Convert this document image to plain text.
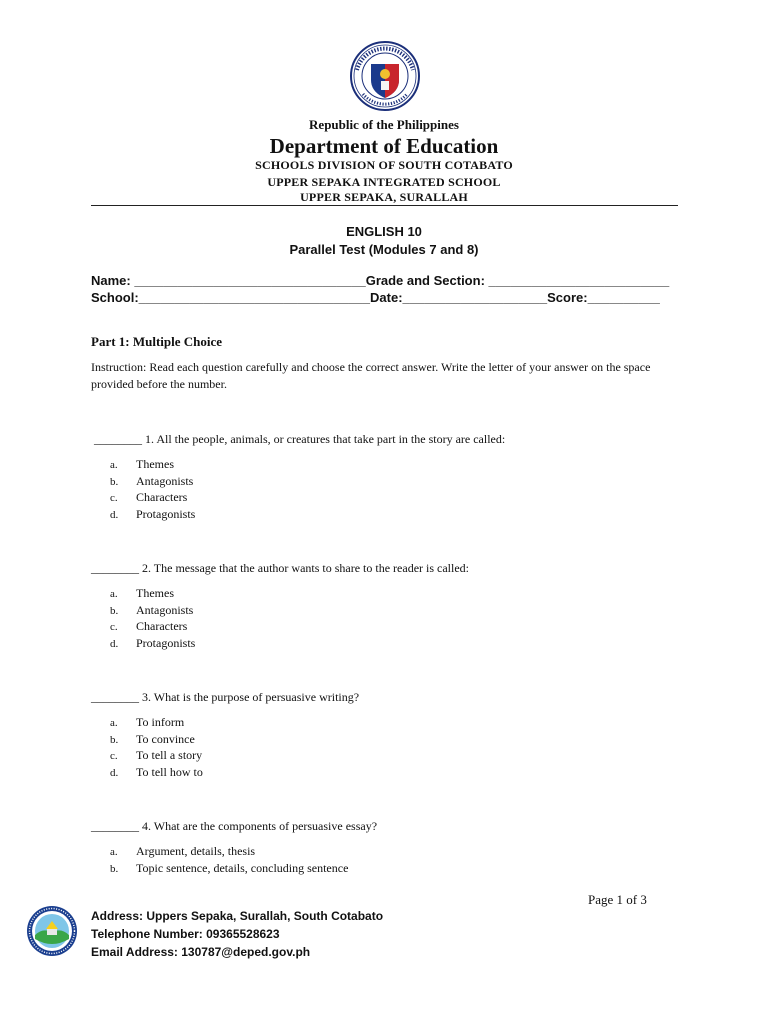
Republic of the Philippines
Department of Education
SCHOOLS DIVISION OF SOUTH COTABATO
UPPER SEPAKA INTEGRATED SCHOOL
UPPER SEPAKA, SURALLAH
ENGLISH 10
Parallel Test (Modules 7 and 8)
Name: ________________________________Grade and Section: _________________________
School:________________________________Date:____________________Score:__________
Part 1: Multiple Choice
Instruction: Read each question carefully and choose the correct answer. Write the letter of your answer on the space provided before the number.
________ 1. All the people, animals, or creatures that take part in the story are called:
a. Themes
b. Antagonists
c. Characters
d. Protagonists
________ 2. The message that the author wants to share to the reader is called:
a. Themes
b. Antagonists
c. Characters
d. Protagonists
________ 3. What is the purpose of persuasive writing?
a. To inform
b. To convince
c. To tell a story
d. To tell how to
________ 4. What are the components of persuasive essay?
a. Argument, details, thesis
b. Topic sentence, details, concluding sentence
Page 1 of 3
Address: Uppers Sepaka, Surallah, South Cotabato
Telephone Number: 09365528623
Email Address: 130787@deped.gov.ph
